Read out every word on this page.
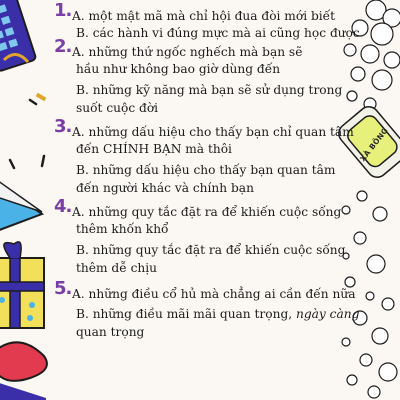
XÀ BÔNG
1. A. một mật mã mà chỉ hội đua đòi mới biết
B. các hành vi đúng mực mà ai cũng học được
2. A. những thứ ngốc nghếch mà bạn sẽ
hầu như không bao giờ dùng đến
B. những kỹ năng mà bạn sẽ sử dụng trong
suốt cuộc đời
3. A. những dấu hiệu cho thấy bạn chỉ quan tâm
đến CHÍNH BẠN mà thôi
B. những dấu hiệu cho thấy bạn quan tâm
đến người khác và chính bạn
4. A. những quy tắc đặt ra để khiến cuộc sống
thêm khốn khổ
B. những quy tắc đặt ra để khiến cuộc sống
thêm dễ chịu
5. A. những điều cổ hủ mà chẳng ai cần đến nữa
B. những điều mãi mãi quan trọng, ngày càng
quan trọng
